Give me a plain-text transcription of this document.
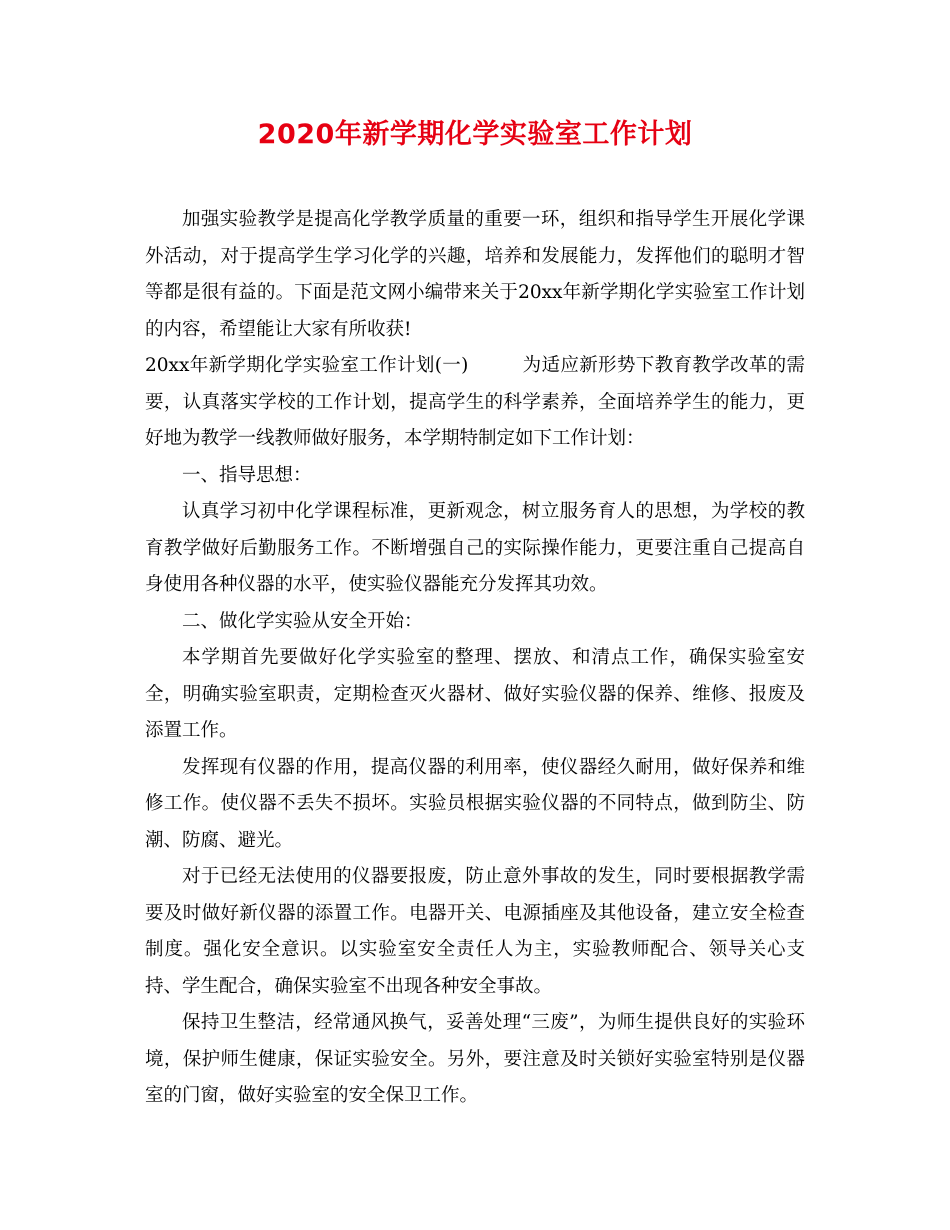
2020年新学期化学实验室工作计划

加强实验教学是提高化学教学质量的重要一环，组织和指导学生开展化学课外活动，对于提高学生学习化学的兴趣，培养和发展能力，发挥他们的聪明才智等都是很有益的。下面是范文网小编带来关于20xx年新学期化学实验室工作计划的内容，希望能让大家有所收获!

20xx年新学期化学实验室工作计划(一)	为适应新形势下教育教学改革的需要，认真落实学校的工作计划，提高学生的科学素养，全面培养学生的能力，更好地为教学一线教师做好服务，本学期特制定如下工作计划：

一、指导思想：

认真学习初中化学课程标准，更新观念，树立服务育人的思想，为学校的教育教学做好后勤服务工作。不断增强自己的实际操作能力，更要注重自己提高自身使用各种仪器的水平，使实验仪器能充分发挥其功效。

二、做化学实验从安全开始：

本学期首先要做好化学实验室的整理、摆放、和清点工作，确保实验室安全，明确实验室职责，定期检查灭火器材、做好实验仪器的保养、维修、报废及添置工作。

发挥现有仪器的作用，提高仪器的利用率，使仪器经久耐用，做好保养和维修工作。使仪器不丢失不损坏。实验员根据实验仪器的不同特点，做到防尘、防潮、防腐、避光。

对于已经无法使用的仪器要报废，防止意外事故的发生，同时要根据教学需要及时做好新仪器的添置工作。电器开关、电源插座及其他设备，建立安全检查制度。强化安全意识。以实验室安全责任人为主，实验教师配合、领导关心支持、学生配合，确保实验室不出现各种安全事故。

保持卫生整洁，经常通风换气，妥善处理“三废”，为师生提供良好的实验环境，保护师生健康，保证实验安全。另外，要注意及时关锁好实验室特别是仪器室的门窗，做好实验室的安全保卫工作。
